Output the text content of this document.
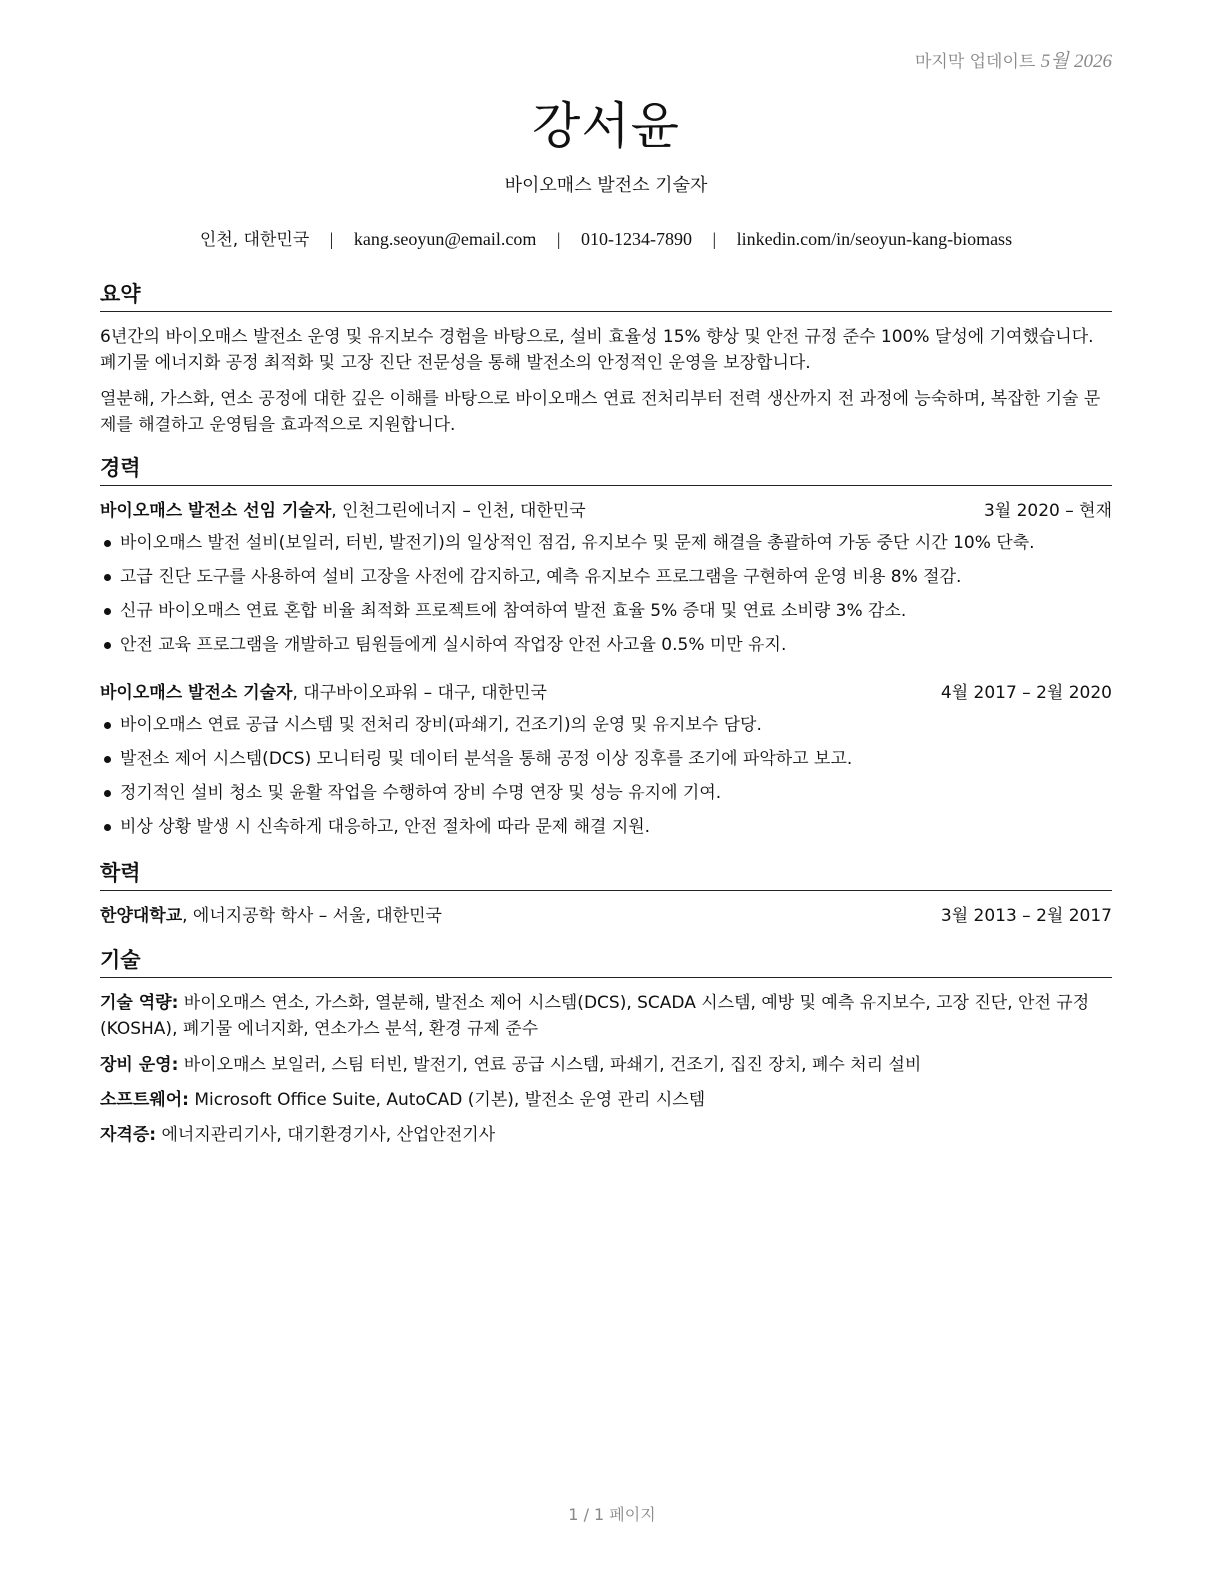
마지막 업데이트 5월 2026
강서윤
바이오매스 발전소 기술자
인천, 대한민국 | kang.seoyun@email.com | 010-1234-7890 | linkedin.com/in/seoyun-kang-biomass
요약

6년간의 바이오매스 발전소 운영 및 유지보수 경험을 바탕으로, 설비 효율성 15% 향상 및 안전 규정 준수 100% 달성에 기여했습니다. 폐기물 에너지화 공정 최적화 및 고장 진단 전문성을 통해 발전소의 안정적인 운영을 보장합니다.

열분해, 가스화, 연소 공정에 대한 깊은 이해를 바탕으로 바이오매스 연료 전처리부터 전력 생산까지 전 과정에 능숙하며, 복잡한 기술 문제를 해결하고 운영팀을 효과적으로 지원합니다.

경력
바이오매스 발전소 선임 기술자, 인천그린에너지 – 인천, 대한민국	3월 2020 – 현재
바이오매스 발전 설비(보일러, 터빈, 발전기)의 일상적인 점검, 유지보수 및 문제 해결을 총괄하여 가동 중단 시간 10% 단축.
고급 진단 도구를 사용하여 설비 고장을 사전에 감지하고, 예측 유지보수 프로그램을 구현하여 운영 비용 8% 절감.
신규 바이오매스 연료 혼합 비율 최적화 프로젝트에 참여하여 발전 효율 5% 증대 및 연료 소비량 3% 감소.
안전 교육 프로그램을 개발하고 팀원들에게 실시하여 작업장 안전 사고율 0.5% 미만 유지.
바이오매스 발전소 기술자, 대구바이오파워 – 대구, 대한민국	4월 2017 – 2월 2020
바이오매스 연료 공급 시스템 및 전처리 장비(파쇄기, 건조기)의 운영 및 유지보수 담당.
발전소 제어 시스템(DCS) 모니터링 및 데이터 분석을 통해 공정 이상 징후를 조기에 파악하고 보고.
정기적인 설비 청소 및 윤활 작업을 수행하여 장비 수명 연장 및 성능 유지에 기여.
비상 상황 발생 시 신속하게 대응하고, 안전 절차에 따라 문제 해결 지원.
학력
한양대학교, 에너지공학 학사 – 서울, 대한민국	3월 2013 – 2월 2017
기술

기술 역량: 바이오매스 연소, 가스화, 열분해, 발전소 제어 시스템(DCS), SCADA 시스템, 예방 및 예측 유지보수, 고장 진단, 안전 규정(KOSHA), 폐기물 에너지화, 연소가스 분석, 환경 규제 준수

장비 운영: 바이오매스 보일러, 스팀 터빈, 발전기, 연료 공급 시스템, 파쇄기, 건조기, 집진 장치, 폐수 처리 설비

소프트웨어: Microsoft Office Suite, AutoCAD (기본), 발전소 운영 관리 시스템

자격증: 에너지관리기사, 대기환경기사, 산업안전기사

1 / 1 페이지
